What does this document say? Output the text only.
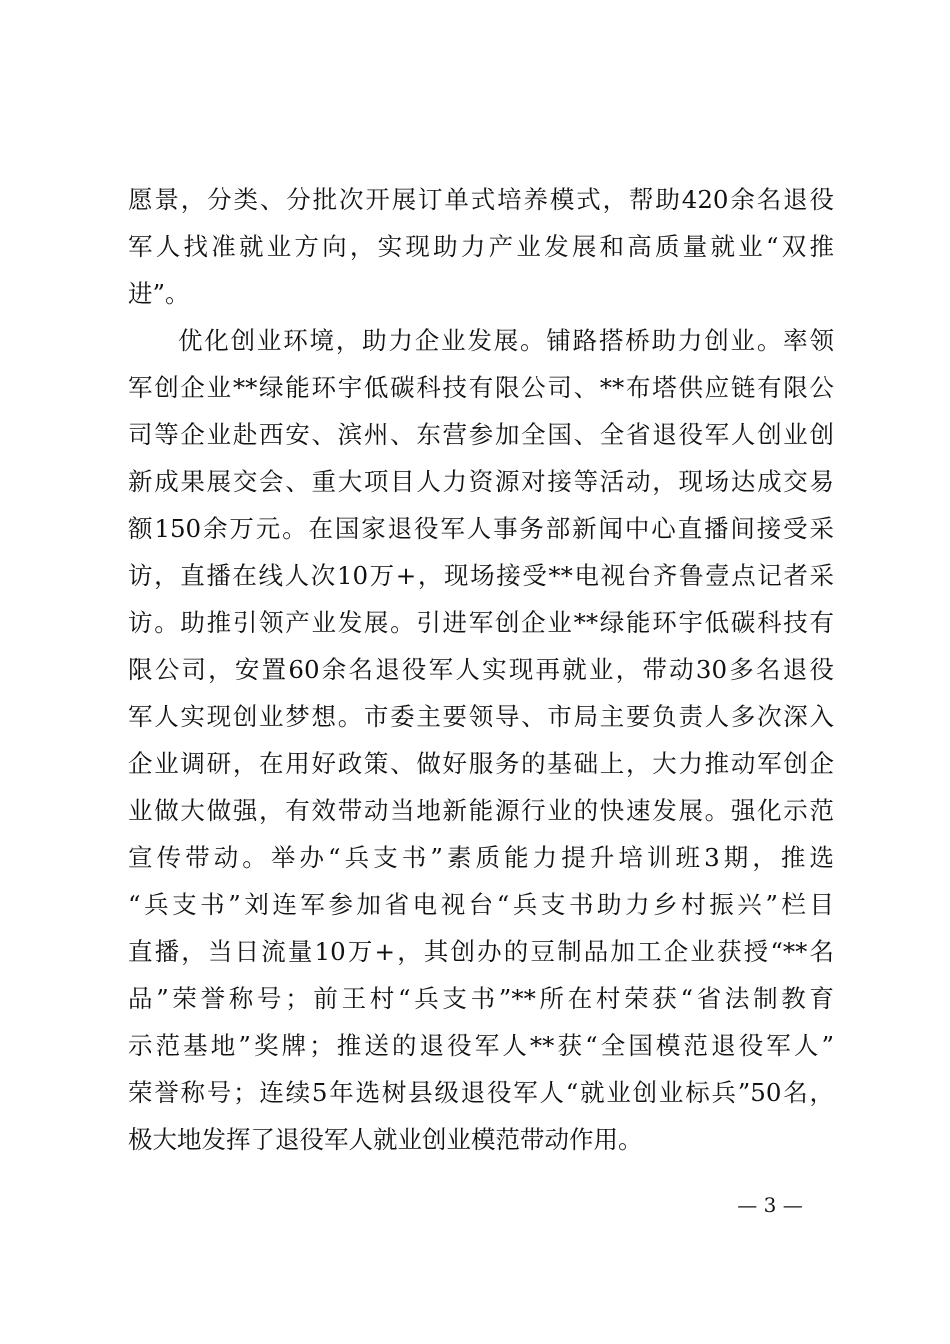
愿景，分类、分批次开展订单式培养模式，帮助420余名退役
军人找准就业方向，实现助力产业发展和高质量就业“双推
进”。
优化创业环境，助力企业发展。铺路搭桥助力创业。率领
军创企业**绿能环宇低碳科技有限公司、**布塔供应链有限公
司等企业赴西安、滨州、东营参加全国、全省退役军人创业创
新成果展交会、重大项目人力资源对接等活动，现场达成交易
额150余万元。在国家退役军人事务部新闻中心直播间接受采
访，直播在线人次10万+，现场接受**电视台齐鲁壹点记者采
访。助推引领产业发展。引进军创企业**绿能环宇低碳科技有
限公司，安置60余名退役军人实现再就业，带动30多名退役
军人实现创业梦想。市委主要领导、市局主要负责人多次深入
企业调研，在用好政策、做好服务的基础上，大力推动军创企
业做大做强，有效带动当地新能源行业的快速发展。强化示范
宣传带动。举办“兵支书”素质能力提升培训班3期，推选
“兵支书”刘连军参加省电视台“兵支书助力乡村振兴”栏目
直播，当日流量10万+，其创办的豆制品加工企业获授“**名
品”荣誉称号；前王村“兵支书”**所在村荣获“省法制教育
示范基地”奖牌；推送的退役军人**获“全国模范退役军人”
荣誉称号；连续5年选树县级退役军人“就业创业标兵”50名，
极大地发挥了退役军人就业创业模范带动作用。
— 3 —
